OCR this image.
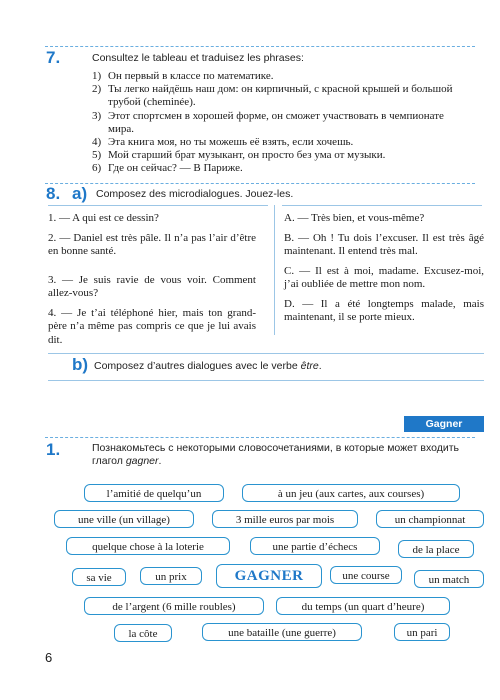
7.	Consultez le tableau et traduisez les phrases:
1) Он первый в классе по математике.
2) Ты легко найдёшь наш дом: он кирпичный, с красной крышей и большой трубой (cheminée).
3) Этот спортсмен в хорошей форме, он сможет участвовать в чемпионате мира.
4) Эта книга моя, но ты можешь её взять, если хочешь.
5) Мой старший брат музыкант, он просто без ума от музыки.
6) Где он сейчас? — В Париже.
8. a) Composez des microdialogues. Jouez-les.
1. — A qui est ce dessin?
2. — Daniel est très pâle. Il n’a pas l’air d’être en bonne santé.
3. — Je suis ravie de vous voir. Comment allez-vous?
4. — Je t’ai téléphoné hier, mais ton grand-père n’a même pas compris ce que je lui avais dit.
A. — Très bien, et vous-même?
B. — Oh ! Tu dois l’excuser. Il est très âgé maintenant. Il entend très mal.
C. — Il est à moi, madame. Excusez-moi, j’ai oubliée de mettre mon nom.
D. — Il a été longtemps malade, mais maintenant, il se porte mieux.
b) Composez d’autres dialogues avec le verbe être.
Gagner
1.	Познакомьтесь с некоторыми словосочетаниями, в которые может входить глагол gagner.
l’amitié de quelqu’un	à un jeu (aux cartes, aux courses)
une ville (un village)	3 mille euros par mois	un championnat
quelque chose à la loterie	une partie d’échecs	de la place
sa vie	un prix	GAGNER	une course	un match
de l’argent (6 mille roubles)	du temps (un quart d’heure)
la côte	une bataille (une guerre)	un pari
6
